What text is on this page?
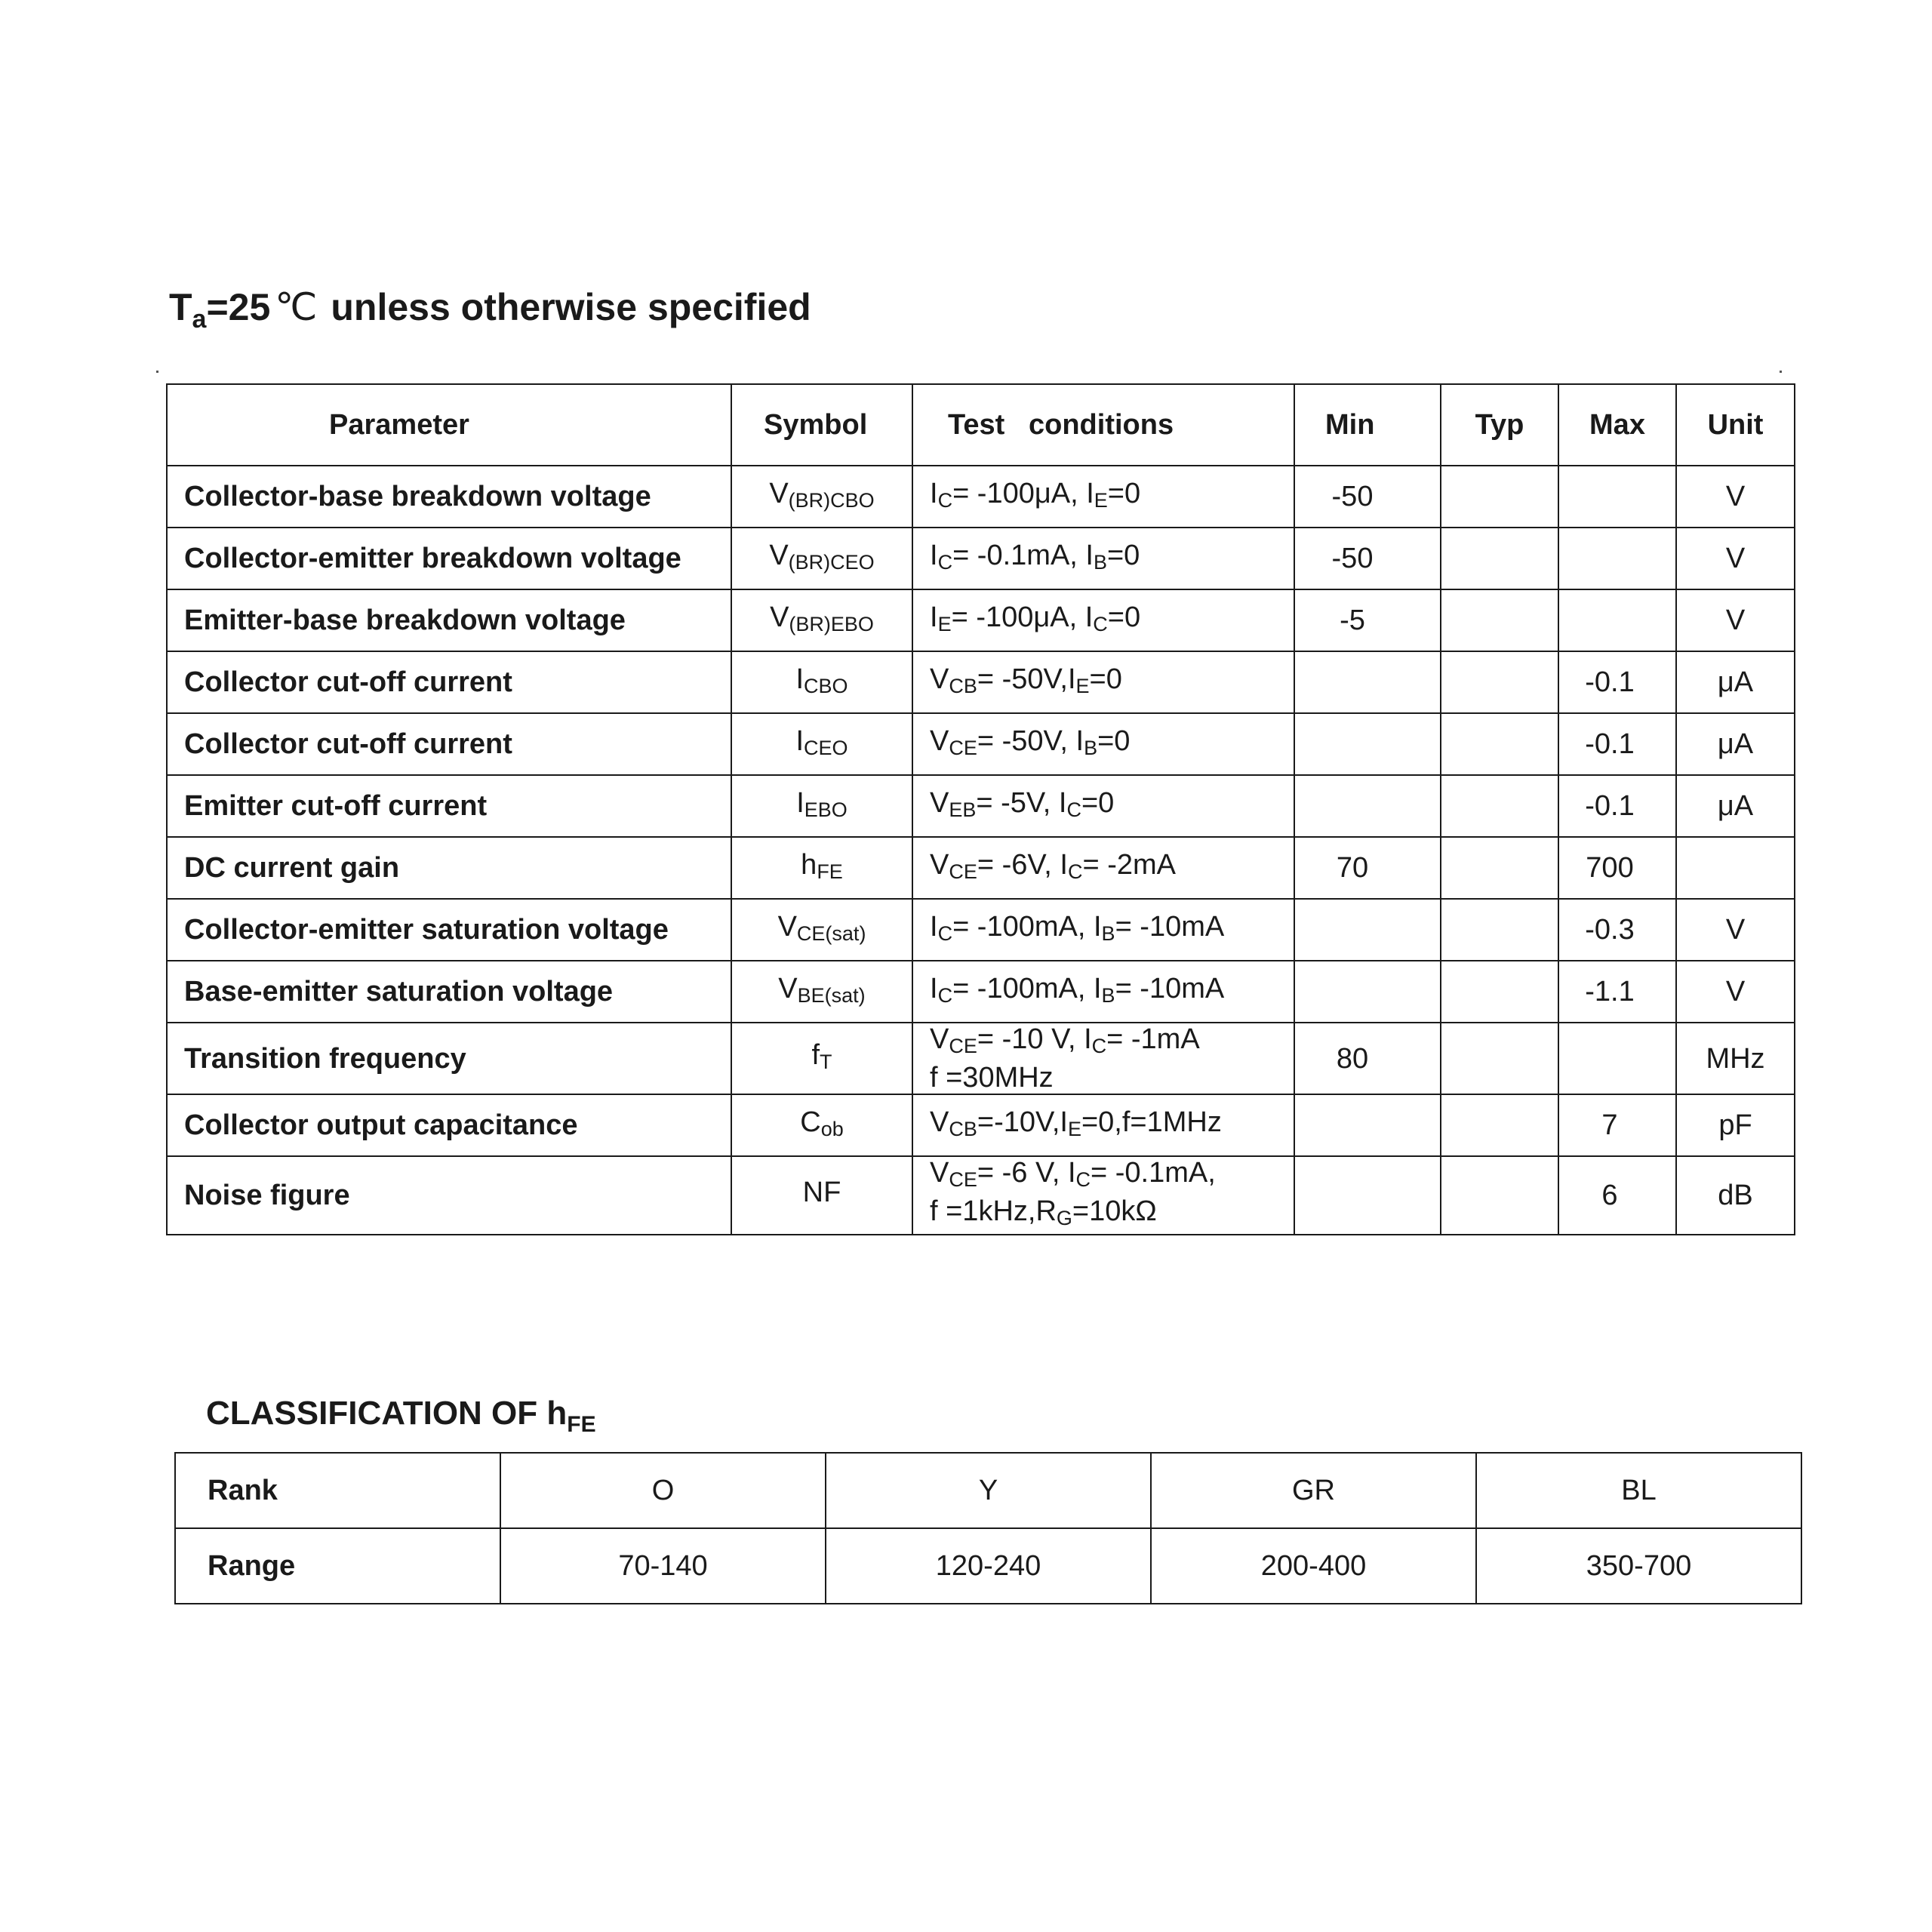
$T_a=25$ ℃ unless otherwise specified
Parameter	Symbol	Test   conditions	Min	Typ	Max	Unit
Collector-base breakdown voltage	$V_{(BR)CBO}$	$I_C= -100\mu A$, $I_E=0$	-50			V
Collector-emitter breakdown voltage	$V_{(BR)CEO}$	$I_C= -0.1mA$, $I_B=0$	-50			V
Emitter-base breakdown voltage	$V_{(BR)EBO}$	$I_E= -100\mu A$, $I_C=0$	-5			V
Collector cut-off current	$I_{CBO}$	$V_{CB}= -50V,I_E=0$			-0.1	μA
Collector cut-off current	$I_{CEO}$	$V_{CE}= -50V$, $I_B=0$			-0.1	μA
Emitter cut-off current	$I_{EBO}$	$V_{EB}= -5V$, $I_C=0$			-0.1	μA
DC current gain	$h_{FE}$	$V_{CE}= -6V$, $I_C= -2mA$	70		700	
Collector-emitter saturation voltage	$V_{CE(sat)}$	$I_C= -100mA$, $I_B= -10mA$			-0.3	V
Base-emitter saturation voltage	$V_{BE(sat)}$	$I_C= -100mA$, $I_B= -10mA$			-1.1	V
Transition frequency	$f_T$	$V_{CE}= -10$ V, $I_C= -1mA$
f =30MHz	80			MHz
Collector output capacitance	$C_{ob}$	$V_{CB}=-10V,I_E=0,f=1MHz$			7	pF
Noise figure	NF	$V_{CE}= -6$ V, $I_C= -0.1mA$,
$f =1kHz,R_G=10k\Omega$			6	dB
CLASSIFICATION OF $h_{FE}$
Rank	O	Y	GR	BL
Range	70-140	120-240	200-400	350-700
